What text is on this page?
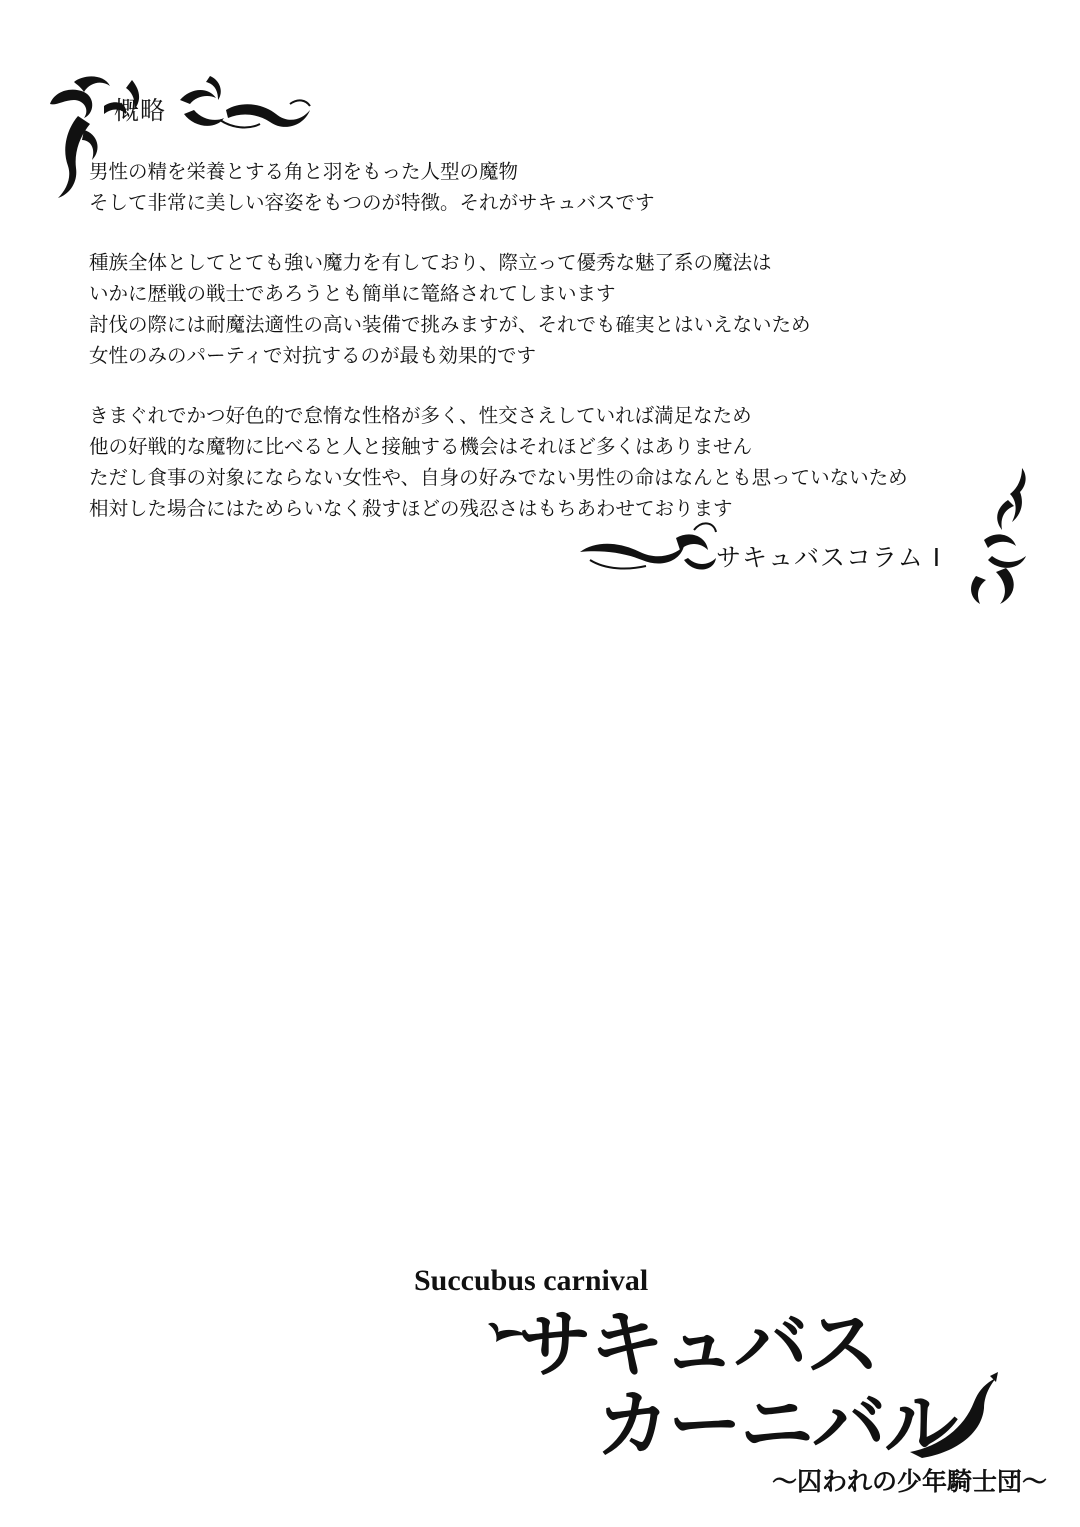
概略

男性の精を栄養とする角と羽をもった人型の魔物
そして非常に美しい容姿をもつのが特徴。それがサキュバスです

種族全体としてとても強い魔力を有しており、際立って優秀な魅了系の魔法は
いかに歴戦の戦士であろうとも簡単に篭絡されてしまいます
討伐の際には耐魔法適性の高い装備で挑みますが、それでも確実とはいえないため
女性のみのパーティで対抗するのが最も効果的です

きまぐれでかつ好色的で怠惰な性格が多く、性交さえしていれば満足なため
他の好戦的な魔物に比べると人と接触する機会はそれほど多くはありません
ただし食事の対象にならない女性や、自身の好みでない男性の命はなんとも思っていないため
相対した場合にはためらいなく殺すほどの残忍さはもちあわせております

サキュバスコラム I
Succubus carnival
サキュバス
カーニバル
〜囚われの少年騎士団〜
